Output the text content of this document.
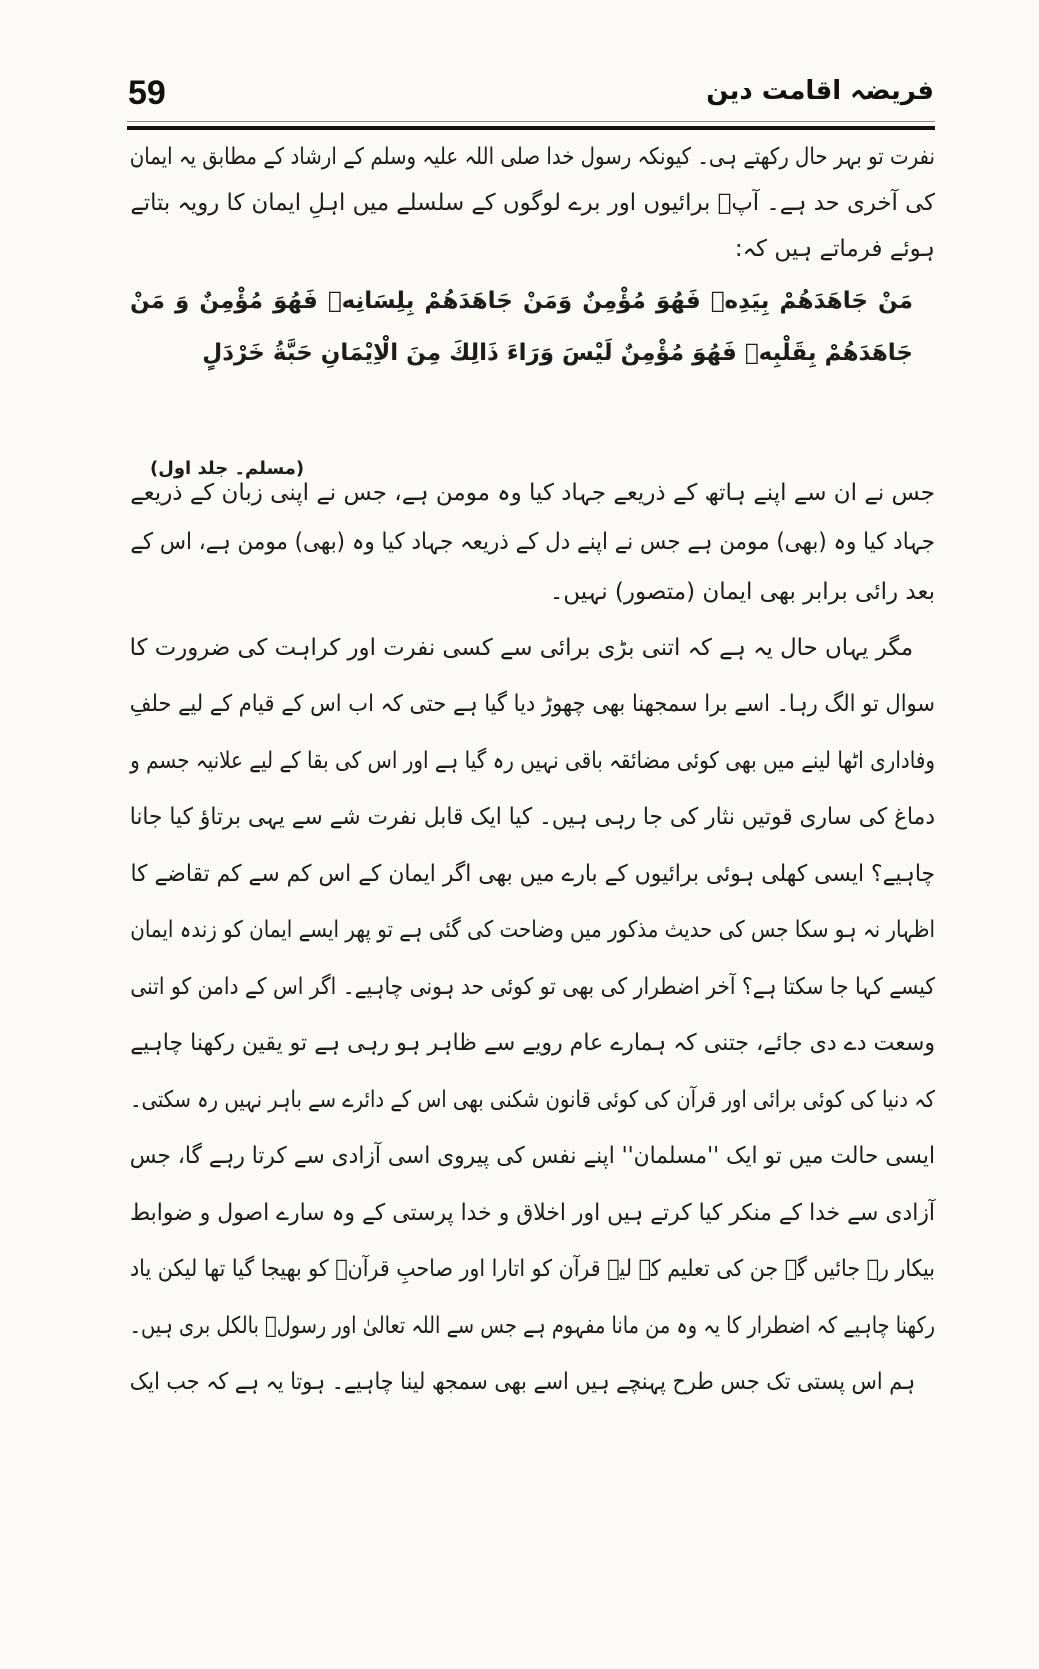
59	فریضہ اقامت دین
نفرت تو بہر حال رکھتے ہی۔ کیونکہ رسول خدا صلی اللہ علیہ وسلم کے ارشاد کے مطابق یہ ایمان
کی آخری حد ہے۔ آپؐ برائیوں اور برے لوگوں کے سلسلے میں اہلِ ایمان کا رویہ بتاتے
ہوئے فرماتے ہیں کہ:
مَنْ جَاهَدَهُمْ بِيَدِهٖ فَهُوَ مُؤْمِنٌ وَمَنْ جَاهَدَهُمْ بِلِسَانِهٖ فَهُوَ مُؤْمِنٌ وَ مَنْ
جَاهَدَهُمْ بِقَلْبِهٖ فَهُوَ مُؤْمِنٌ لَيْسَ وَرَاءَ ذَالِكَ مِنَ الْاِيْمَانِ حَبَّةُ خَرْدَلٍ
(مسلم۔ جلد اول)
جس نے ان سے اپنے ہاتھ کے ذریعے جہاد کیا وہ مومن ہے، جس نے اپنی زبان کے ذریعے
جہاد کیا وہ (بھی) مومن ہے جس نے اپنے دل کے ذریعہ جہاد کیا وہ (بھی) مومن ہے، اس کے
بعد رائی برابر بھی ایمان (متصور) نہیں۔
مگر یہاں حال یہ ہے کہ اتنی بڑی برائی سے کسی نفرت اور کراہت کی ضرورت کا
سوال تو الگ رہا۔ اسے برا سمجھنا بھی چھوڑ دیا گیا ہے حتی کہ اب اس کے قیام کے لیے حلفِ
وفاداری اٹھا لینے میں بھی کوئی مضائقہ باقی نہیں رہ گیا ہے اور اس کی بقا کے لیے علانیہ جسم و
دماغ کی ساری قوتیں نثار کی جا رہی ہیں۔ کیا ایک قابل نفرت شے سے یہی برتاؤ کیا جانا
چاہیے؟ ایسی کھلی ہوئی برائیوں کے بارے میں بھی اگر ایمان کے اس کم سے کم تقاضے کا
اظہار نہ ہو سکا جس کی حدیث مذکور میں وضاحت کی گئی ہے تو پھر ایسے ایمان کو زندہ ایمان
کیسے کہا جا سکتا ہے؟ آخر اضطرار کی بھی تو کوئی حد ہونی چاہیے۔ اگر اس کے دامن کو اتنی
وسعت دے دی جائے، جتنی کہ ہمارے عام رویے سے ظاہر ہو رہی ہے تو یقین رکھنا چاہیے
کہ دنیا کی کوئی برائی اور قرآن کی کوئی قانون شکنی بھی اس کے دائرے سے باہر نہیں رہ سکتی۔
ایسی حالت میں تو ایک ''مسلمان'' اپنے نفس کی پیروی اسی آزادی سے کرتا رہے گا، جس
آزادی سے خدا کے منکر کیا کرتے ہیں اور اخلاق و خدا پرستی کے وہ سارے اصول و ضوابط
بیکار رہ جائیں گے جن کی تعلیم کے لیے قرآن کو اتارا اور صاحبِ قرآنؐ کو بھیجا گیا تھا لیکن یاد
رکھنا چاہیے کہ اضطرار کا یہ وہ من مانا مفہوم ہے جس سے اللہ تعالیٰ اور رسولؐ بالکل بری ہیں۔
ہم اس پستی تک جس طرح پہنچے ہیں اسے بھی سمجھ لینا چاہیے۔ ہوتا یہ ہے کہ جب ایک
